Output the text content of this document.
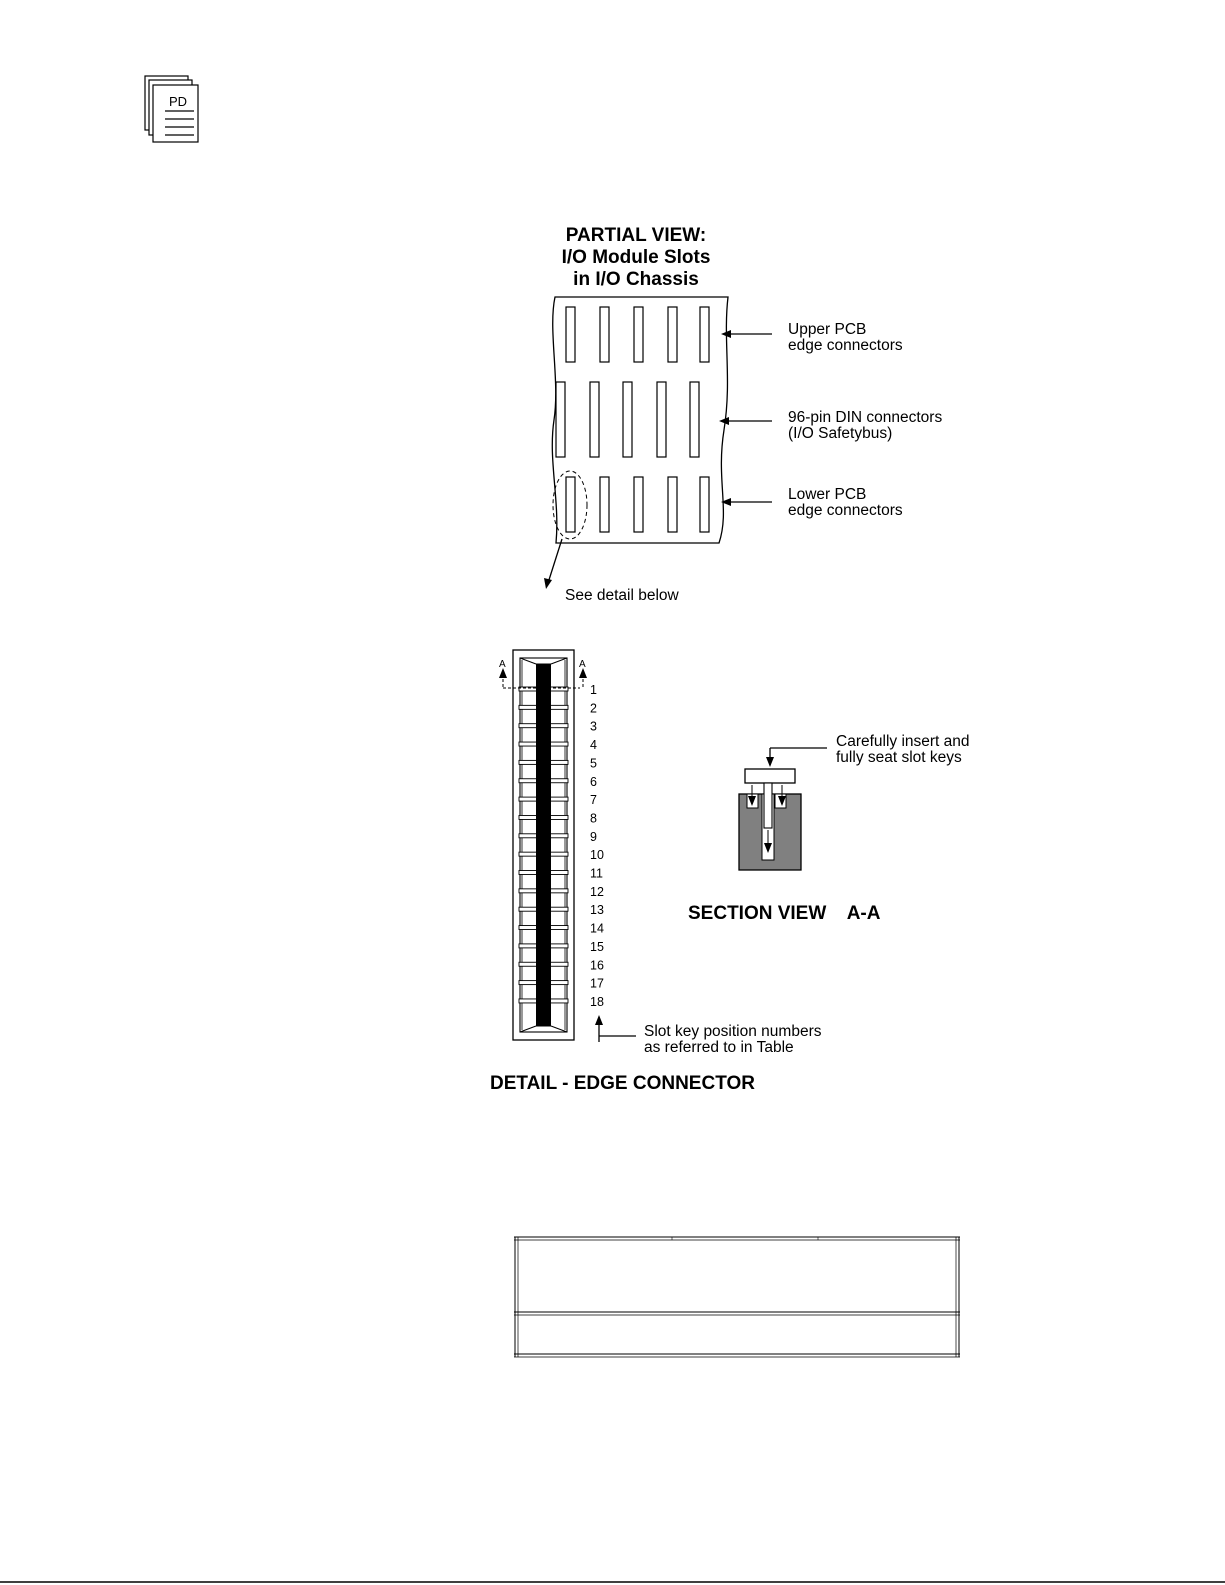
PD
PARTIAL VIEW:
I/O Module Slots
in I/O Chassis
Upper PCB
edge connectors
96-pin DIN connectors
(I/O Safetybus)
Lower PCB
edge connectors
See detail below
1
2
3
4
5
6
7
8
9
10
11
12
13
14
15
16
17
18
A	A
Slot key position numbers
as referred to in Table
DETAIL - EDGE CONNECTOR
Carefully insert and
fully seat slot keys
SECTION VIEW    A-A
